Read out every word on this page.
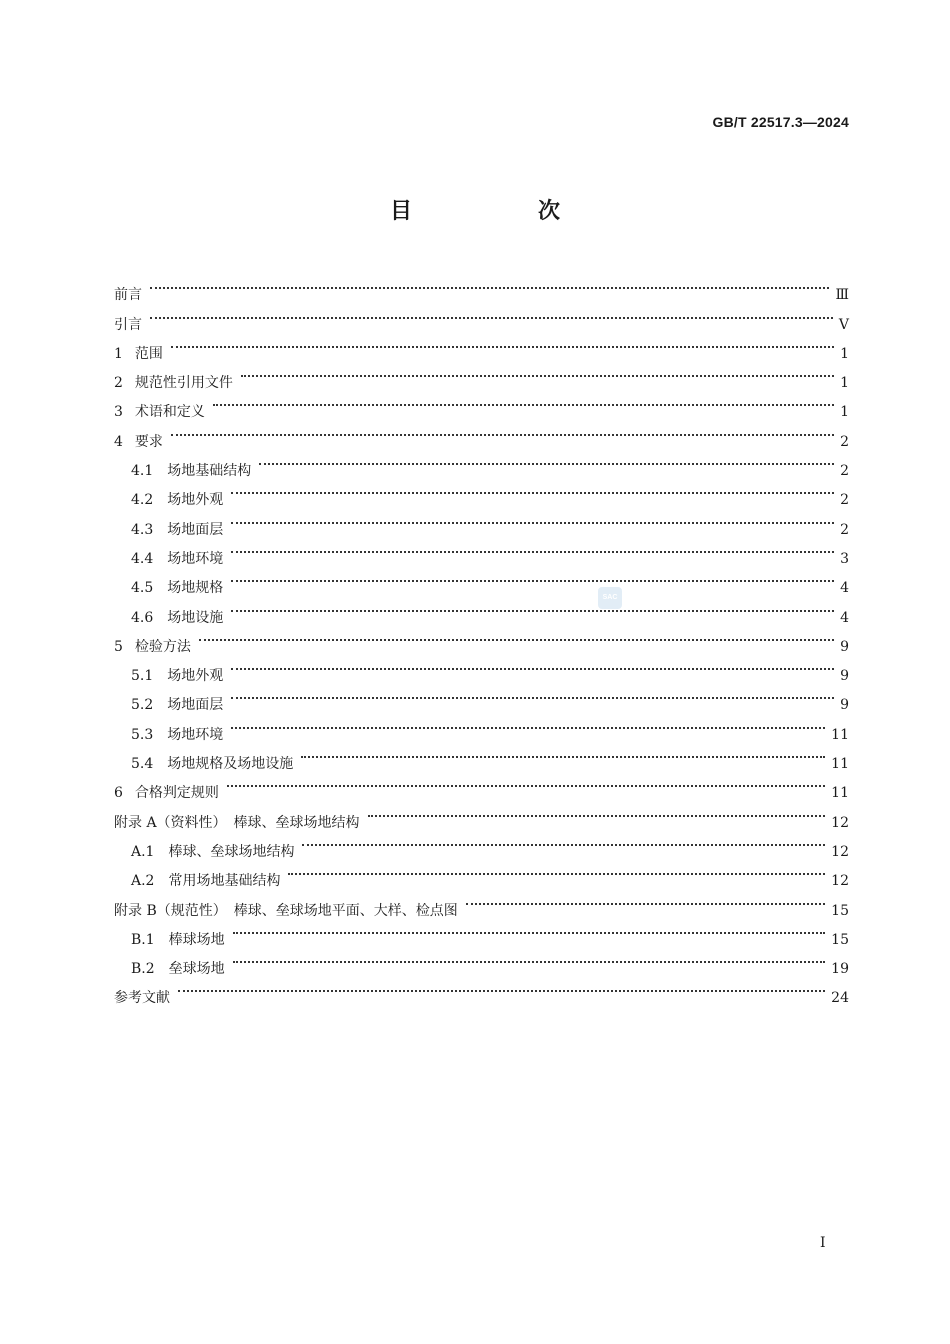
GB/T 22517.3—2024
目　次
前言	Ⅲ
引言	Ⅴ
1 范围	1
2 规范性引用文件	1
3 术语和定义	1
4 要求	2
4.1 场地基础结构	2
4.2 场地外观	2
4.3 场地面层	2
4.4 场地环境	3
4.5 场地规格	4
4.6 场地设施	4
5 检验方法	9
5.1 场地外观	9
5.2 场地面层	9
5.3 场地环境	11
5.4 场地规格及场地设施	11
6 合格判定规则	11
附录 A（资料性）　棒球、垒球场地结构	12
A.1 棒球、垒球场地结构	12
A.2 常用场地基础结构	12
附录 B（规范性）　棒球、垒球场地平面、大样、检点图	15
B.1 棒球场地	15
B.2 垒球场地	19
参考文献	24
SAC
Ⅰ
